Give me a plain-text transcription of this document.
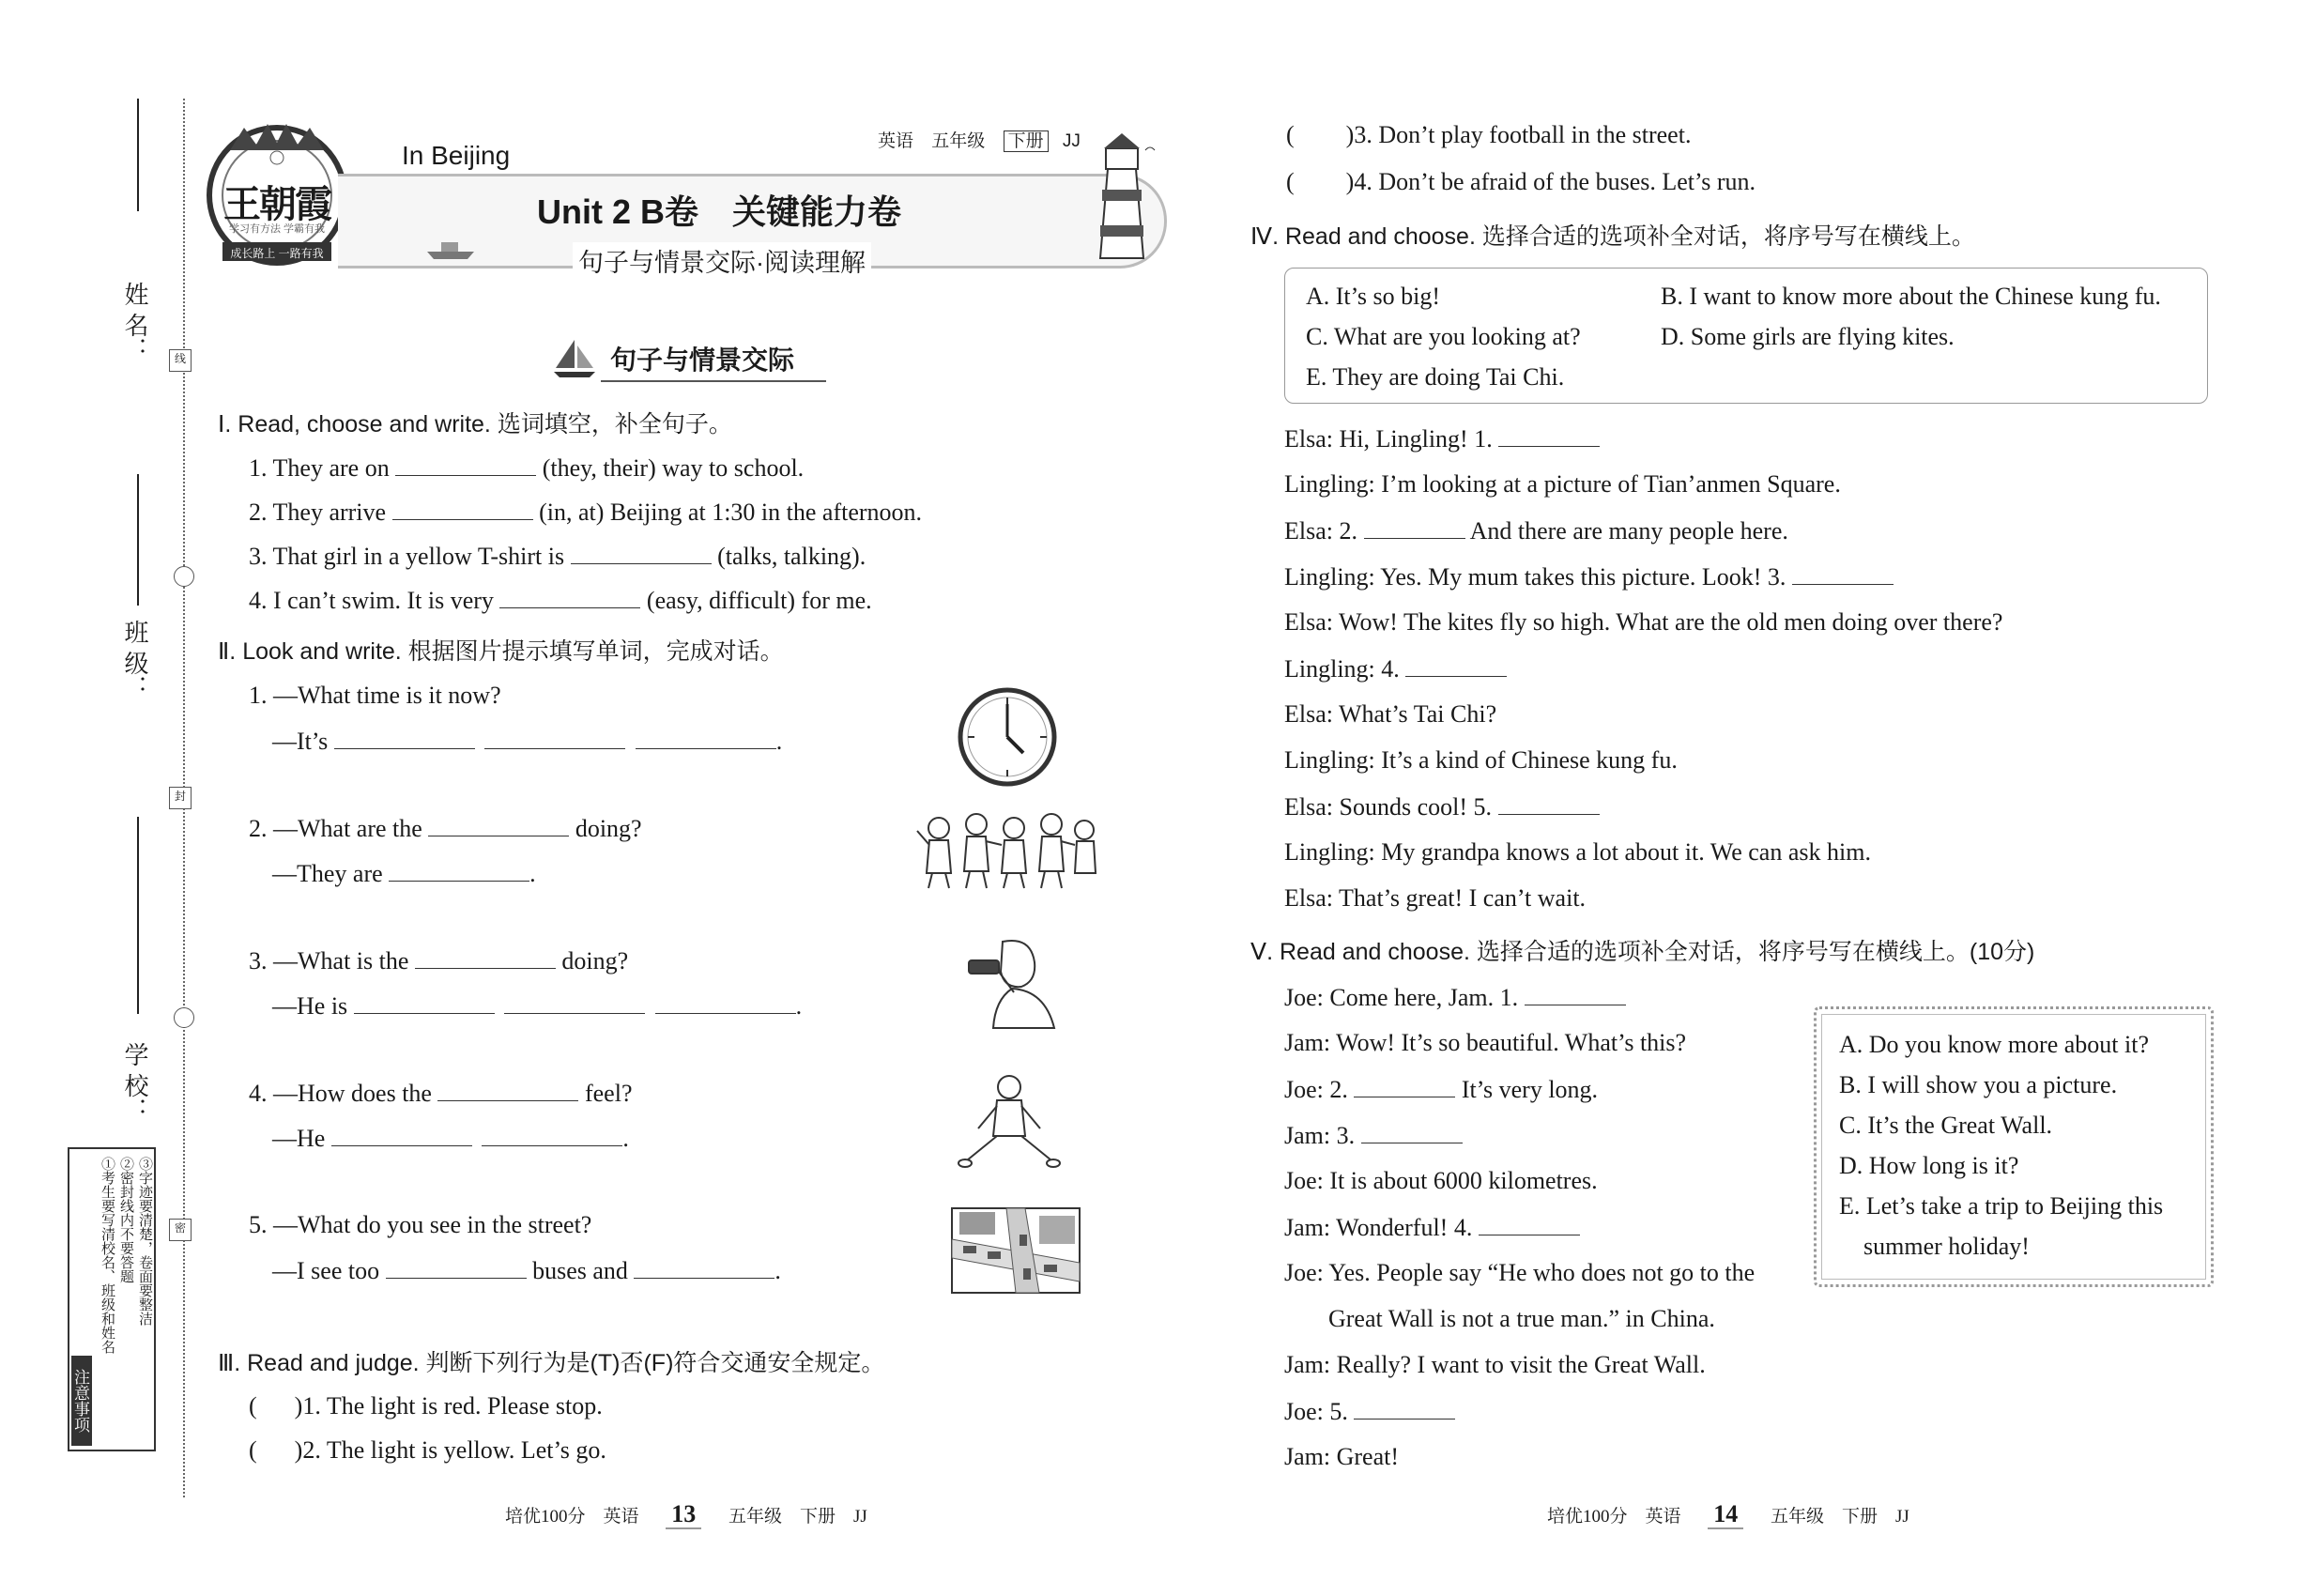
姓 名：
班 级：
学 校：
线
封
密
注意事项
①考生要写清校名、班级和姓名 ②密封线内不要答题 ③字迹要清楚，卷面要整洁
王朝霞
学习有方法 学霸有我
成长路上 一路有我
In Beijing	英语 五年级 下册 JJ
Unit 2 B卷　关键能力卷
句子与情景交际·阅读理解
句子与情景交际
Ⅰ. Read, choose and write. 选词填空，补全句子。
1. They are on	(they, their) way to school.
2. They arrive	(in, at) Beijing at 1:30 in the afternoon.
3. That girl in a yellow T-shirt is	(talks, talking).
4. I can’t swim. It is very	(easy, difficult) for me.
Ⅱ. Look and write. 根据图片提示填写单词，完成对话。
1. —What time is it now?
—It’s	.
2. —What are the	doing?
—They are	.
3. —What is the	doing?
—He is	.
4. —How does the	feel?
—He	.
5. —What do you see in the street?
—I see too	buses and	.
Ⅲ. Read and judge. 判断下列行为是(T)否(F)符合交通安全规定。
( )1. The light is red. Please stop.
( )2. The light is yellow. Let’s go.
( )3. Don’t play football in the street.
( )4. Don’t be afraid of the buses. Let’s run.
Ⅳ. Read and choose. 选择合适的选项补全对话，将序号写在横线上。
A. It’s so big!	B. I want to know more about the Chinese kung fu.
C. What are you looking at?	D. Some girls are flying kites.
E. They are doing Tai Chi.
Elsa: Hi, Lingling! 1.
Lingling: I’m looking at a picture of Tian’anmen Square.
Elsa: 2.	And there are many people here.
Lingling: Yes. My mum takes this picture. Look! 3.
Elsa: Wow! The kites fly so high. What are the old men doing over there?
Lingling: 4.
Elsa: What’s Tai Chi?
Lingling: It’s a kind of Chinese kung fu.
Elsa: Sounds cool! 5.
Lingling: My grandpa knows a lot about it. We can ask him.
Elsa: That’s great! I can’t wait.
Ⅴ. Read and choose. 选择合适的选项补全对话，将序号写在横线上。(10分)
Joe: Come here, Jam. 1.
Jam: Wow! It’s so beautiful. What’s this?
Joe: 2.	It’s very long.
Jam: 3.
Joe: It is about 6000 kilometres.
Jam: Wonderful! 4.
Joe: Yes. People say “He who does not go to the
Great Wall is not a true man.” in China.
Jam: Really? I want to visit the Great Wall.
Joe: 5.
Jam: Great!
A. Do you know more about it?
B. I will show you a picture.
C. It’s the Great Wall.
D. How long is it?
E. Let’s take a trip to Beijing this
summer holiday!
培优100分　英语 13 五年级　下册　JJ	培优100分　英语 14 五年级　下册　JJ
